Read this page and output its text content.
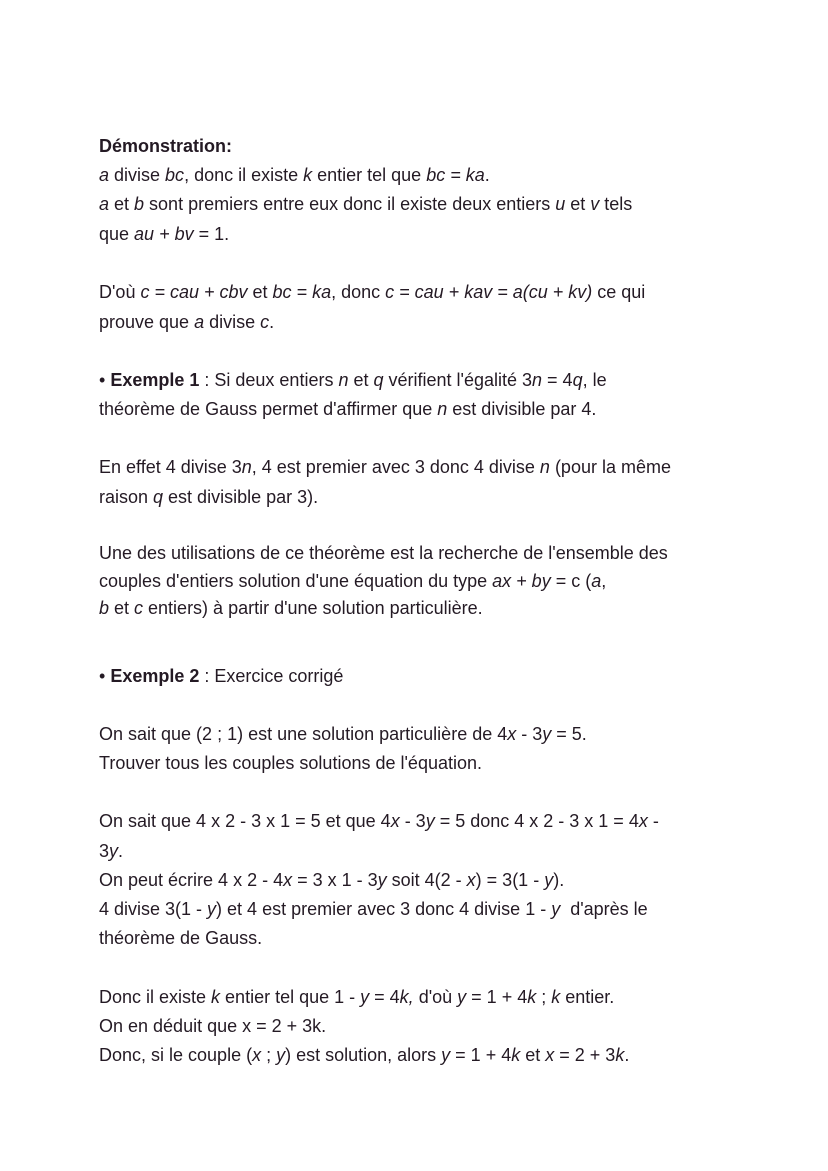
Démonstration:
a divise bc, donc il existe k entier tel que bc = ka.
a et b sont premiers entre eux donc il existe deux entiers u et v tels
que au + bv = 1.
D'où c = cau + cbv et bc = ka, donc c = cau + kav = a(cu + kv) ce qui
prouve que a divise c.
• Exemple 1 : Si deux entiers n et q vérifient l'égalité 3n = 4q, le
théorème de Gauss permet d'affirmer que n est divisible par 4.
En effet 4 divise 3n, 4 est premier avec 3 donc 4 divise n (pour la même
raison q est divisible par 3).
Une des utilisations de ce théorème est la recherche de l'ensemble des
couples d'entiers solution d'une équation du type ax + by = c (a,
b et c entiers) à partir d'une solution particulière.
• Exemple 2 : Exercice corrigé
On sait que (2 ; 1) est une solution particulière de 4x - 3y = 5.
Trouver tous les couples solutions de l'équation.
On sait que 4 x 2 - 3 x 1 = 5 et que 4x - 3y = 5 donc 4 x 2 - 3 x 1 = 4x -
3y.
On peut écrire 4 x 2 - 4x = 3 x 1 - 3y soit 4(2 - x) = 3(1 - y).
4 divise 3(1 - y) et 4 est premier avec 3 donc 4 divise 1 - y  d'après le
théorème de Gauss.
Donc il existe k entier tel que 1 - y = 4k, d'où y = 1 + 4k ; k entier.
On en déduit que x = 2 + 3k.
Donc, si le couple (x ; y) est solution, alors y = 1 + 4k et x = 2 + 3k.
